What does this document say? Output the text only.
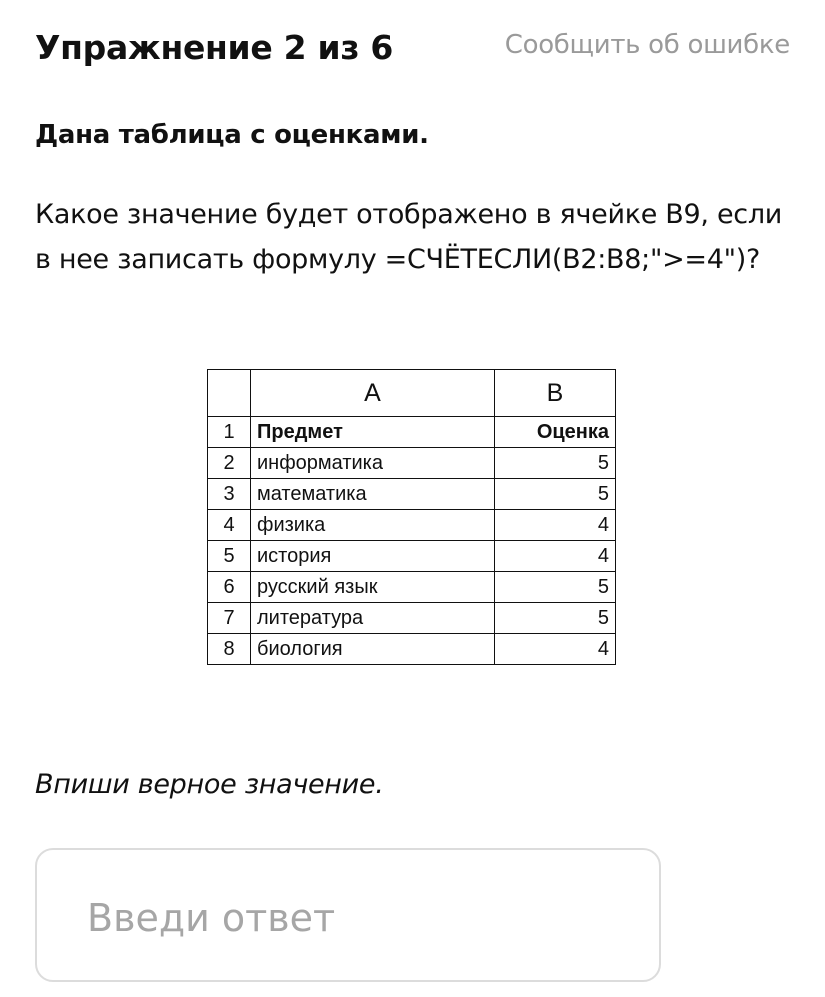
Упражнение 2 из 6	Сообщить об ошибке
Дана таблица с оценками.
Какое значение будет отображено в ячейке B9, если в нее записать формулу =СЧЁТЕСЛИ(B2:B8;">=4")?
	A	B
1	Предмет	Оценка
2	информатика	5
3	математика	5
4	физика	4
5	история	4
6	русский язык	5
7	литература	5
8	биология	4
Впиши верное значение.
Введи ответ
